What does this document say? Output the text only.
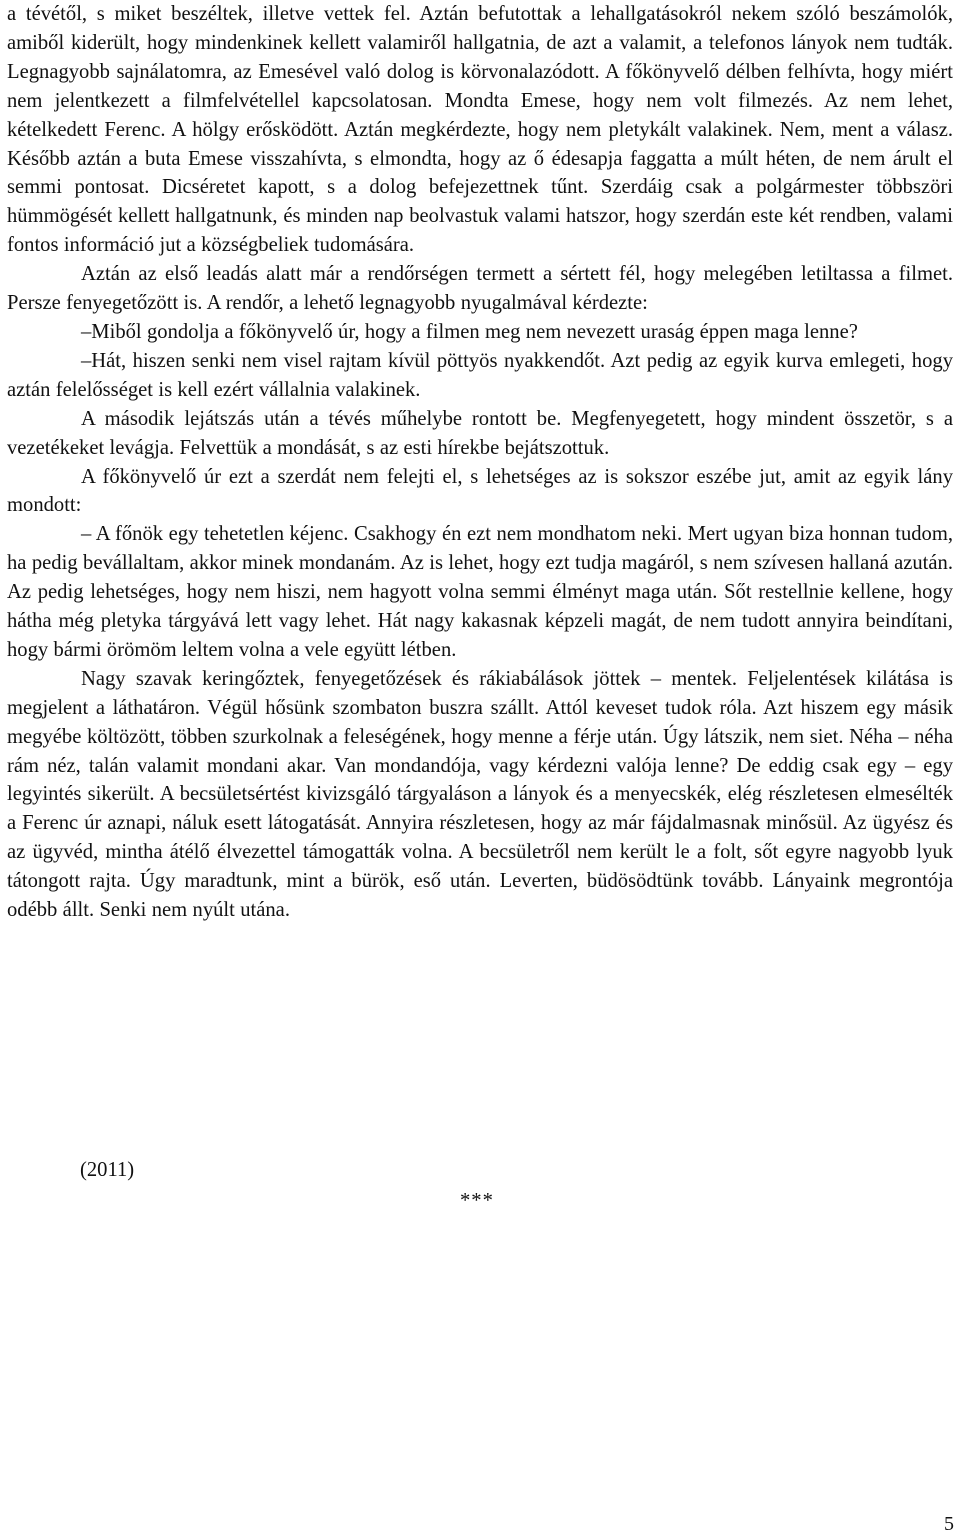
a tévétől, s miket beszéltek, illetve vettek fel. Aztán befutottak a lehallgatásokról nekem szóló beszámolók, amiből kiderült, hogy mindenkinek kellett valamiről hallgatnia, de azt a valamit, a telefonos lányok nem tudták. Legnagyobb sajnálatomra, az Emesével való dolog is körvonalazódott. A főkönyvelő délben felhívta, hogy miért nem jelentkezett a filmfelvétellel kapcsolatosan. Mondta Emese, hogy nem volt filmezés. Az nem lehet, kételkedett Ferenc. A hölgy erősködött. Aztán megkérdezte, hogy nem pletykált valakinek. Nem, ment a válasz. Később aztán a buta Emese visszahívta, s elmondta, hogy az ő édesapja faggatta a múlt héten, de nem árult el semmi pontosat. Dicséretet kapott, s a dolog befejezettnek tűnt. Szerdáig csak a polgármester többszöri hümmögését kellett hallgatnunk, és minden nap beolvastuk valami hatszor, hogy szerdán este két rendben, valami fontos információ jut a községbeliek tudomására.

Aztán az első leadás alatt már a rendőrségen termett a sértett fél, hogy melegében letiltassa a filmet. Persze fenyegetőzött is. A rendőr, a lehető legnagyobb nyugalmával kérdezte:

–Miből gondolja a főkönyvelő úr, hogy a filmen meg nem nevezett uraság éppen maga lenne?

–Hát, hiszen senki nem visel rajtam kívül pöttyös nyakkendőt. Azt pedig az egyik kurva emlegeti, hogy aztán felelősséget is kell ezért vállalnia valakinek.

A második lejátszás után a tévés műhelybe rontott be. Megfenyegetett, hogy mindent összetör, s a vezetékeket levágja. Felvettük a mondását, s az esti hírekbe bejátszottuk.

A főkönyvelő úr ezt a szerdát nem felejti el, s lehetséges az is sokszor eszébe jut, amit az egyik lány mondott:

– A főnök egy tehetetlen kéjenc. Csakhogy én ezt nem mondhatom neki. Mert ugyan biza honnan tudom, ha pedig bevállaltam, akkor minek mondanám. Az is lehet, hogy ezt tudja magáról, s nem szívesen hallaná azután. Az pedig lehetséges, hogy nem hiszi, nem hagyott volna semmi élményt maga után. Sőt restellnie kellene, hogy hátha még pletyka tárgyává lett vagy lehet. Hát nagy kakasnak képzeli magát, de nem tudott annyira beindítani, hogy bármi örömöm leltem volna a vele együtt létben.

Nagy szavak keringőztek, fenyegetőzések és rákiabálások jöttek – mentek. Feljelentések kilátása is megjelent a láthatáron. Végül hősünk szombaton buszra szállt. Attól keveset tudok róla. Azt hiszem egy másik megyébe költözött, többen szurkolnak a feleségének, hogy menne a férje után. Úgy látszik, nem siet. Néha – néha rám néz, talán valamit mondani akar. Van mondandója, vagy kérdezni valója lenne? De eddig csak egy – egy legyintés sikerült. A becsületsértést kivizsgáló tárgyaláson a lányok és a menyecskék, elég részletesen elmesélték a Ferenc úr aznapi, náluk esett látogatását. Annyira részletesen, hogy az már fájdalmasnak minősül. Az ügyész és az ügyvéd, mintha átélő élvezettel támogatták volna. A becsületről nem került le a folt, sőt egyre nagyobb lyuk tátongott rajta. Úgy maradtunk, mint a bürök, eső után. Leverten, büdösödtünk tovább. Lányaink megrontója odébb állt. Senki nem nyúlt utána.

(2011)

***

5
